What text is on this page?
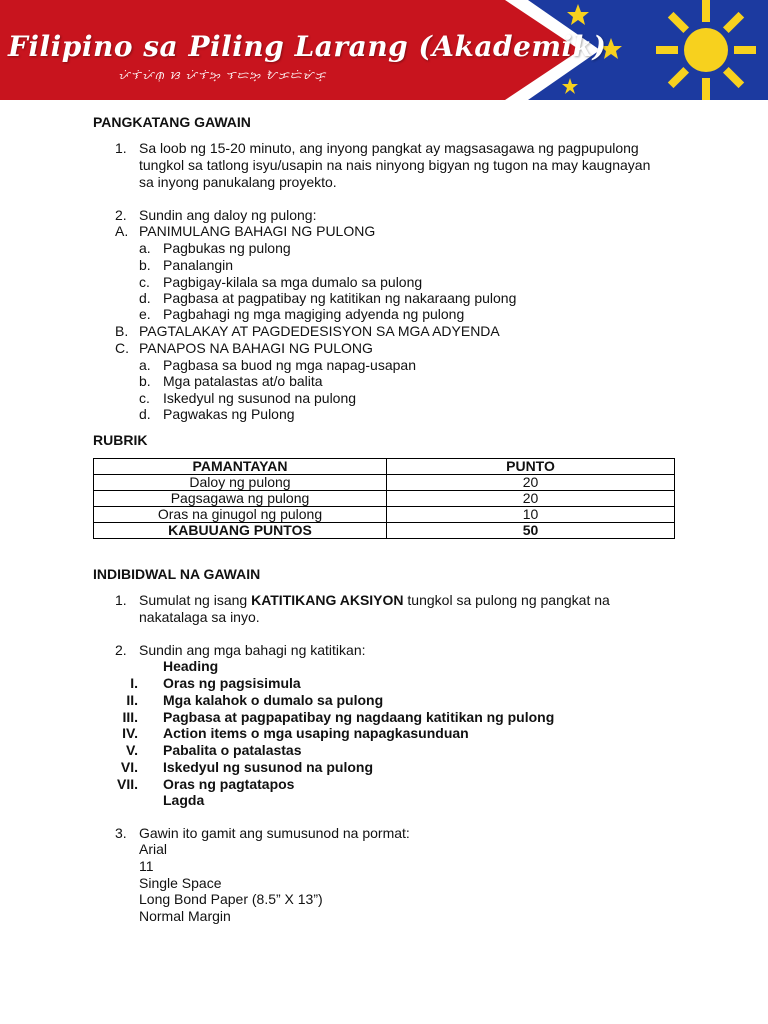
Filipino sa Piling Larang (Akademik)
ᜉᜒᜎᜒᜉᜒᜈᜓ ᜐ ᜉᜒᜎᜒᜅ᜔ ᜎᜇᜅ᜔ ᜀᜃᜇᜒᜋᜒᜃ᜔
PANGKATANG GAWAIN
1. Sa loob ng 15-20 minuto, ang inyong pangkat ay magsasagawa ng pagpupulong
tungkol sa tatlong isyu/usapin na nais ninyong bigyan ng tugon na may kaugnayan
sa inyong panukalang proyekto.
2. Sundin ang daloy ng pulong:
A. PANIMULANG BAHAGI NG PULONG
a. Pagbukas ng pulong
b. Panalangin
c. Pagbigay-kilala sa mga dumalo sa pulong
d. Pagbasa at pagpatibay ng katitikan ng nakaraang pulong
e. Pagbahagi ng mga magiging adyenda ng pulong
B. PAGTALAKAY AT PAGDEDESISYON SA MGA ADYENDA
C. PANAPOS NA BAHAGI NG PULONG
a. Pagbasa sa buod ng mga napag-usapan
b. Mga patalastas at/o balita
c. Iskedyul ng susunod na pulong
d. Pagwakas ng Pulong
RUBRIK
PAMANTAYAN	PUNTO
Daloy ng pulong	20
Pagsagawa ng pulong	20
Oras na ginugol ng pulong	10
KABUUANG PUNTOS	50
INDIBIDWAL NA GAWAIN
1. Sumulat ng isang KATITIKANG AKSIYON tungkol sa pulong ng pangkat na
nakatalaga sa inyo.
2. Sundin ang mga bahagi ng katitikan:
Heading
I. Oras ng pagsisimula
II. Mga kalahok o dumalo sa pulong
III. Pagbasa at pagpapatibay ng nagdaang katitikan ng pulong
IV. Action items o mga usaping napagkasunduan
V. Pabalita o patalastas
VI. Iskedyul ng susunod na pulong
VII. Oras ng pagtatapos
Lagda
3. Gawin ito gamit ang sumusunod na pormat:
Arial
11
Single Space
Long Bond Paper (8.5” X 13”)
Normal Margin
